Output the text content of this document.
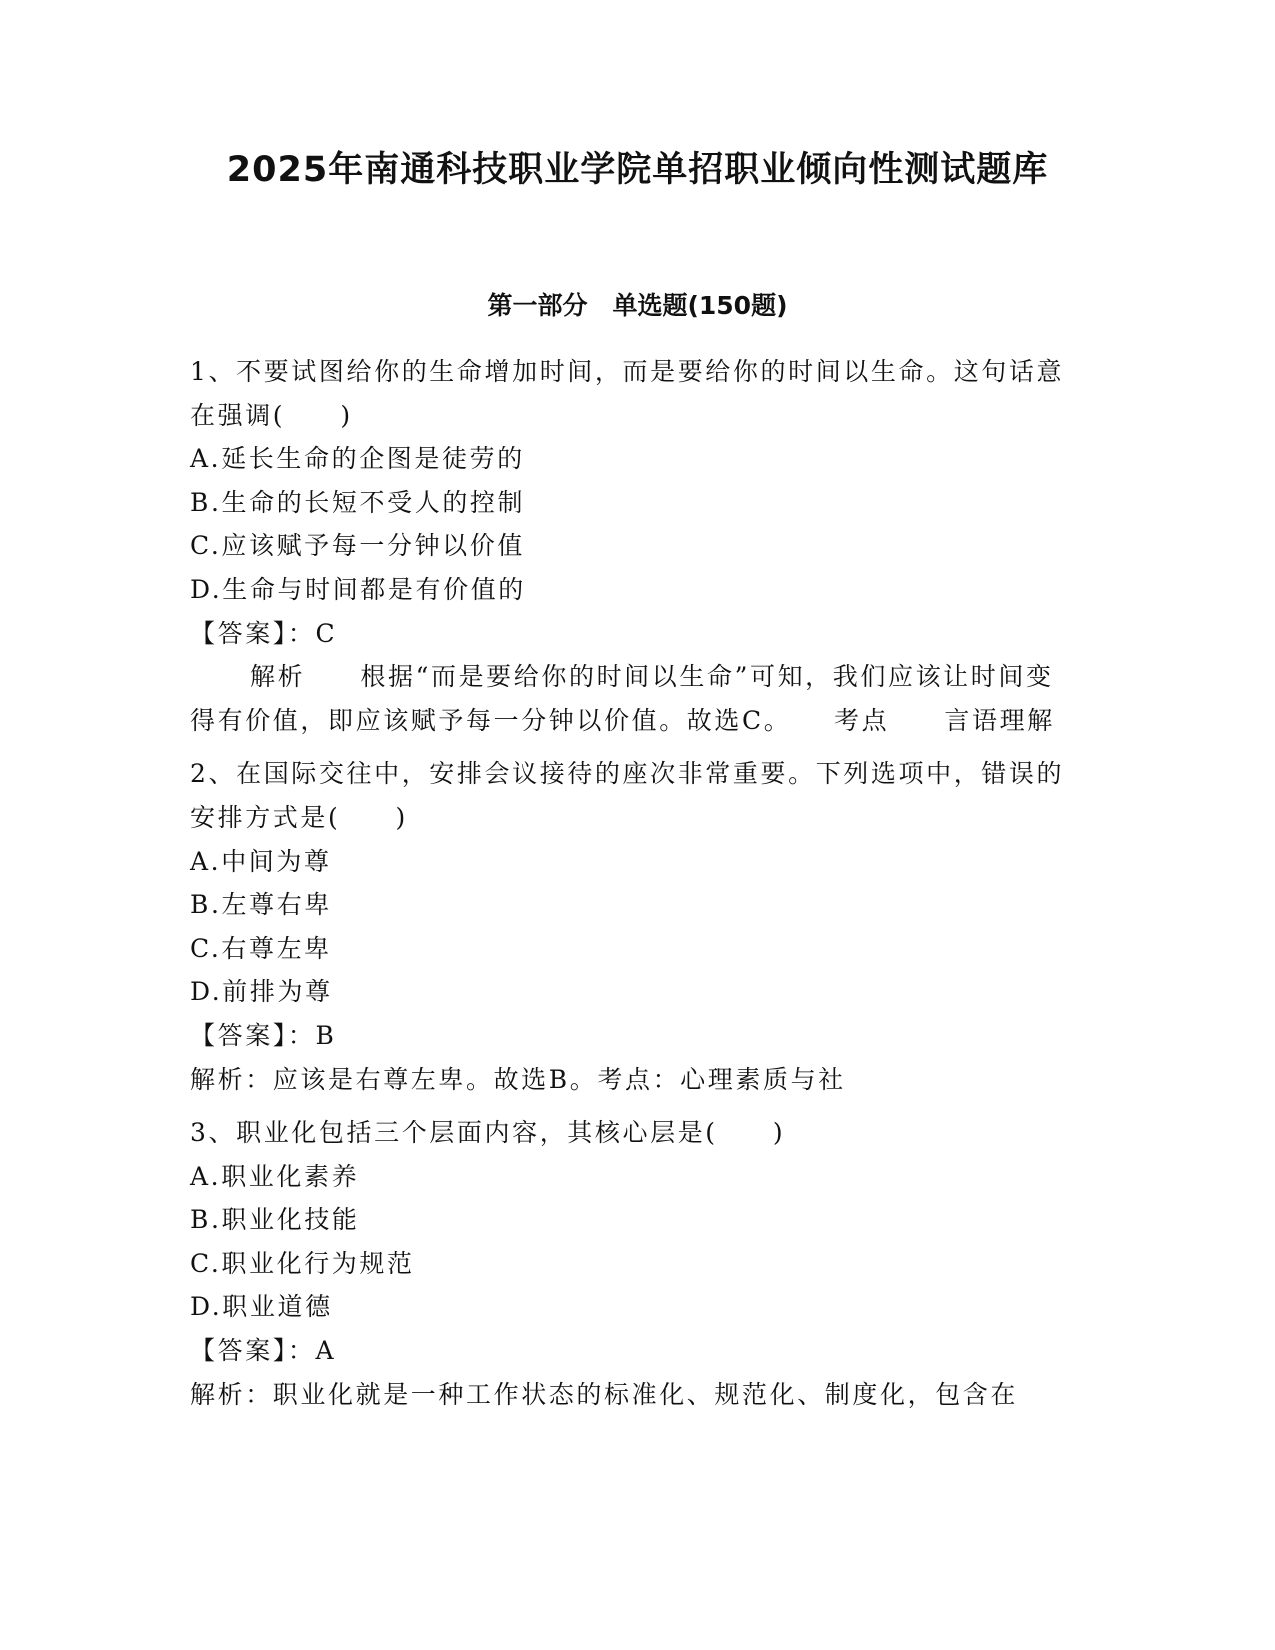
2025年南通科技职业学院单招职业倾向性测试题库
第一部分　单选题(150题)

1、不要试图给你的生命增加时间，而是要给你的时间以生命。这句话意在强调(　　)

A.延长生命的企图是徒劳的

B.生命的长短不受人的控制

C.应该赋予每一分钟以价值

D.生命与时间都是有价值的

【答案】：C

解析　　根据“而是要给你的时间以生命”可知，我们应该让时间变得有价值，即应该赋予每一分钟以价值。故选C。　　考点　　言语理解

2、在国际交往中，安排会议接待的座次非常重要。下列选项中，错误的安排方式是(　　)

A.中间为尊

B.左尊右卑

C.右尊左卑

D.前排为尊

【答案】：B

解析：应该是右尊左卑。故选B。考点：心理素质与社

3、职业化包括三个层面内容，其核心层是(　　)

A.职业化素养

B.职业化技能

C.职业化行为规范

D.职业道德

【答案】：A

解析：职业化就是一种工作状态的标准化、规范化、制度化，包含在
